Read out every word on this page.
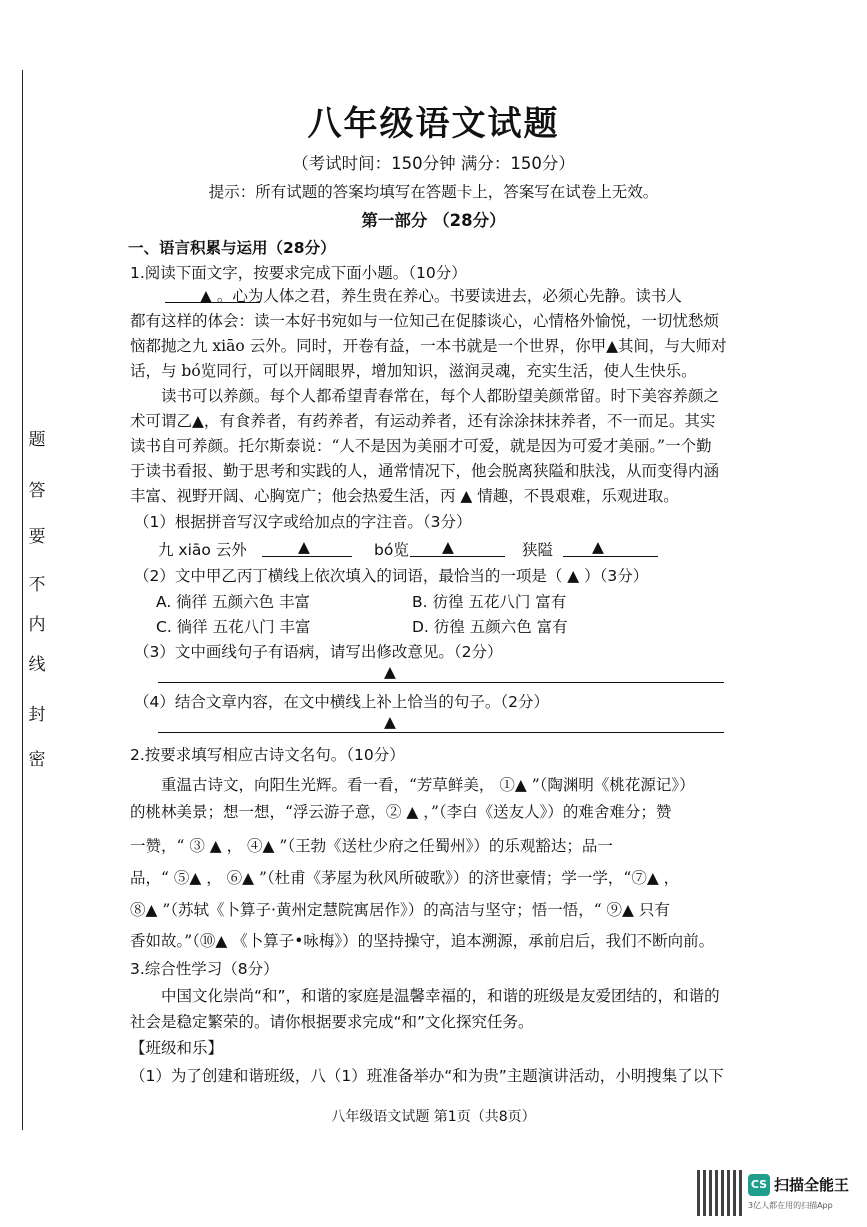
题
答
要
不
内
线
封
密
八年级语文试题
（考试时间：150分钟 满分：150分）
提示：所有试题的答案均填写在答题卡上，答案写在试卷上无效。
第一部分 （28分）
一、语言积累与运用（28分）
1.阅读下面文字，按要求完成下面小题。（10分）
▲ 。心为人体之君，养生贵在养心。书要读进去，必须心先静。读书人
都有这样的体会：读一本好书宛如与一位知己在促膝谈心，心情格外愉悦，一切忧愁烦
恼都抛之九 xiāo 云外。同时，开卷有益，一本书就是一个世界，你甲▲其间，与大师对
话，与 bó览同行，可以开阔眼界，增加知识，滋润灵魂，充实生活，使人生快乐。
读书可以养颜。每个人都希望青春常在，每个人都盼望美颜常留。时下美容养颜之
术可谓乙▲，有食养者，有药养者，有运动养者，还有涂涂抹抹养者，不一而足。其实
读书自可养颜。托尔斯泰说：“人不是因为美丽才可爱，就是因为可爱才美丽。”一个勤
于读书看报、勤于思考和实践的人，通常情况下，他会脱离狭隘和肤浅，从而变得内涵
丰富、视野开阔、心胸宽广；他会热爱生活，丙 ▲ 情趣，不畏艰难，乐观进取。
（1）根据拼音写汉字或给加点的字注音。（3分）
九 xiāo 云外	▲	bó览 ▲	狭隘	▲
（2）文中甲乙丙丁横线上依次填入的词语，最恰当的一项是（ ▲ ）（3分）
A. 徜徉 五颜六色 丰富	B. 彷徨 五花八门 富有
C. 徜徉 五花八门 丰富	D. 彷徨 五颜六色 富有
（3）文中画线句子有语病，请写出修改意见。（2分）
▲
（4）结合文章内容，在文中横线上补上恰当的句子。（2分）
▲
2.按要求填写相应古诗文名句。（10分）
重温古诗文，向阳生光辉。看一看，“芳草鲜美， ①▲ ”（陶渊明《桃花源记》）
的桃林美景；想一想，“浮云游子意，② ▲ ，”（李白《送友人》）的难舍难分；赞
一赞，“ ③ ▲ ， ④▲ ”（王勃《送杜少府之任蜀州》）的乐观豁达；品一
品，“ ⑤▲ ， ⑥▲ ”（杜甫《茅屋为秋风所破歌》）的济世豪情；学一学，“⑦▲ ，
⑧▲ ”（苏轼《卜算子·黄州定慧院寓居作》）的高洁与坚守；悟一悟，“ ⑨▲ 只有
香如故。”（⑩▲ 《卜算子•咏梅》）的坚持操守，追本溯源，承前启后，我们不断向前。
3.综合性学习（8分）
中国文化崇尚“和”，和谐的家庭是温馨幸福的，和谐的班级是友爱团结的，和谐的
社会是稳定繁荣的。请你根据要求完成“和”文化探究任务。
【班级和乐】
（1）为了创建和谐班级，八（1）班准备举办“和为贵”主题演讲活动，小明搜集了以下
八年级语文试题 第1页（共8页）
CS 扫描全能王
3亿人都在用的扫描App
